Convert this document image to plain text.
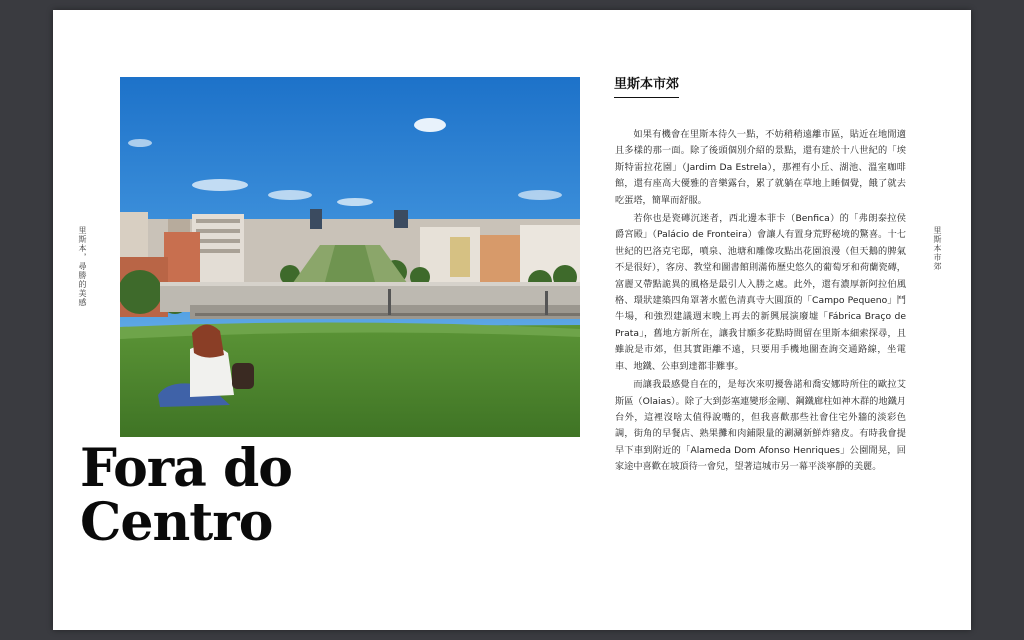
Fora do
Centro
里斯本，尋勝的美感	里斯本市郊
里斯本市郊

如果有機會在里斯本待久一點，不妨稍稍遠離市區，貼近在地閒適且多樣的那一面。除了後頭個別介紹的景點，還有建於十八世紀的「埃斯特雷拉花園」（Jardim Da Estrela），那裡有小丘、湖池、溫室咖啡館，還有座高大優雅的音樂露台，累了就躺在草地上睡個覺，餓了就去吃蛋塔，簡單而舒服。

若你也是瓷磚沉迷者，西北邊本菲卡（Benfica）的「弗朗泰拉侯爵宮殿」（Palácio de Fronteira）會讓人有置身荒野秘境的驚喜。十七世紀的巴洛克宅邸，噴泉、池塘和雕像攻點出花園浪漫（但天鵝的脾氣不是很好），客房、教堂和圖書館則滿佈歷史悠久的葡萄牙和荷蘭瓷磚，富麗又帶點詭異的風格是最引人入勝之處。此外，還有濃厚新阿拉伯風格、環狀建築四角罩著水藍色清真寺大圓頂的「Campo Pequeno」鬥牛場，和強烈建議週末晚上再去的新興展演廢墟「Fábrica Braço de Prata」，舊地方新所在，讓我甘願多花點時間留在里斯本細索探尋，且雖說是市郊，但其實距離不遠，只要用手機地圖查詢交通路線，坐電車、地鐵、公車到達都非難事。

而讓我最感覺自在的，是每次來叨擾魯諾和喬安娜時所住的歐拉艾斯區（Olaias）。除了大到彭塞連變形金剛、鋼鐵廊柱如神木群的地鐵月台外，這裡沒啥太值得說嘴的，但我喜歡那些社會住宅外牆的淡彩色調，街角的早餐店、熟果攤和肉鋪限量的涮涮新鮮炸豬皮。有時我會提早下車到附近的「Alameda Dom Afonso Henriques」公園閒晃，回家途中喜歡在坡頂待一會兒，望著這城市另一幕平淡寧靜的美麗。
